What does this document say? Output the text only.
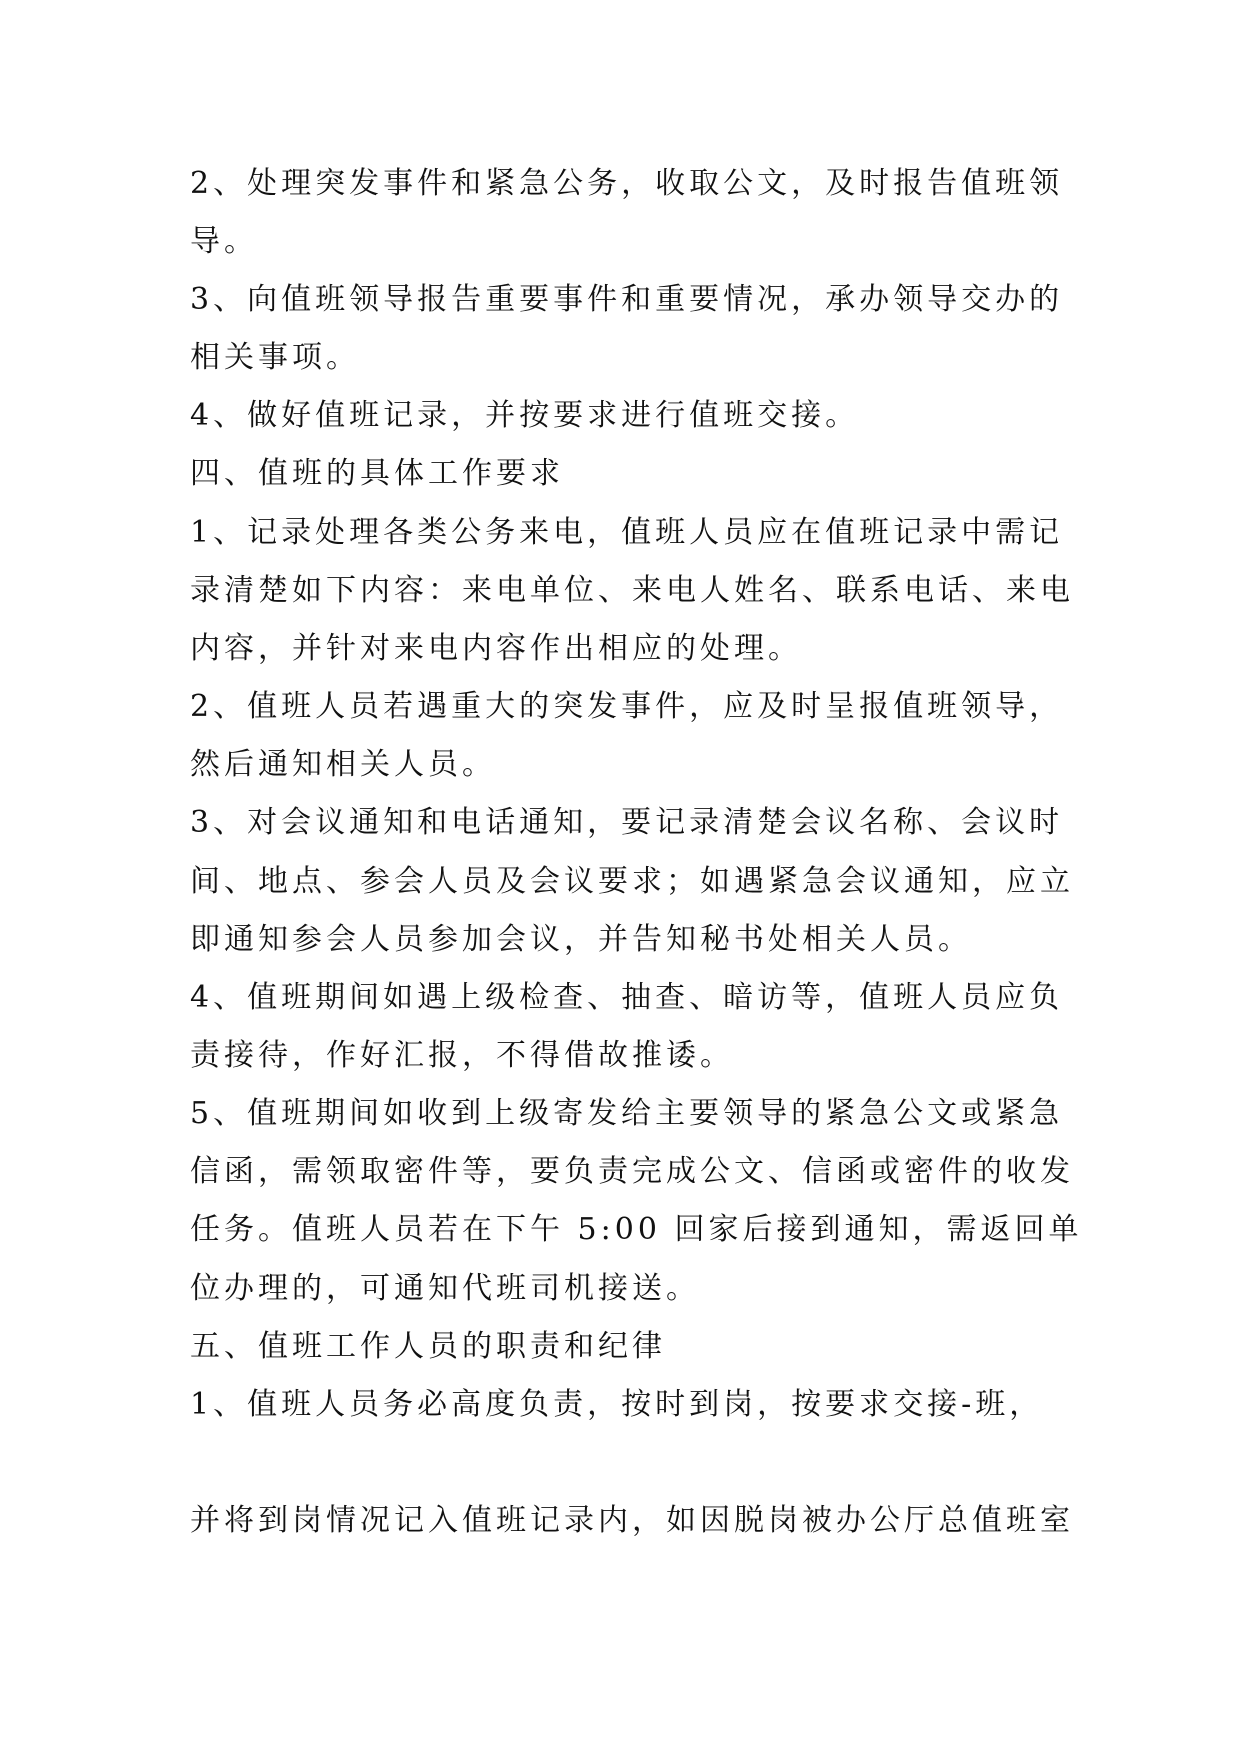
2、处理突发事件和紧急公务，收取公文，及时报告值班领
导。
3、向值班领导报告重要事件和重要情况，承办领导交办的
相关事项。
4、做好值班记录，并按要求进行值班交接。
四、值班的具体工作要求
1、记录处理各类公务来电，值班人员应在值班记录中需记
录清楚如下内容：来电单位、来电人姓名、联系电话、来电
内容，并针对来电内容作出相应的处理。
2、值班人员若遇重大的突发事件，应及时呈报值班领导，
然后通知相关人员。
3、对会议通知和电话通知，要记录清楚会议名称、会议时
间、地点、参会人员及会议要求；如遇紧急会议通知，应立
即通知参会人员参加会议，并告知秘书处相关人员。
4、值班期间如遇上级检查、抽查、暗访等，值班人员应负
责接待，作好汇报，不得借故推诿。
5、值班期间如收到上级寄发给主要领导的紧急公文或紧急
信函，需领取密件等，要负责完成公文、信函或密件的收发
任务。值班人员若在下午 5:00 回家后接到通知，需返回单
位办理的，可通知代班司机接送。
五、值班工作人员的职责和纪律
1、值班人员务必高度负责，按时到岗，按要求交接-班，
并将到岗情况记入值班记录内，如因脱岗被办公厅总值班室
